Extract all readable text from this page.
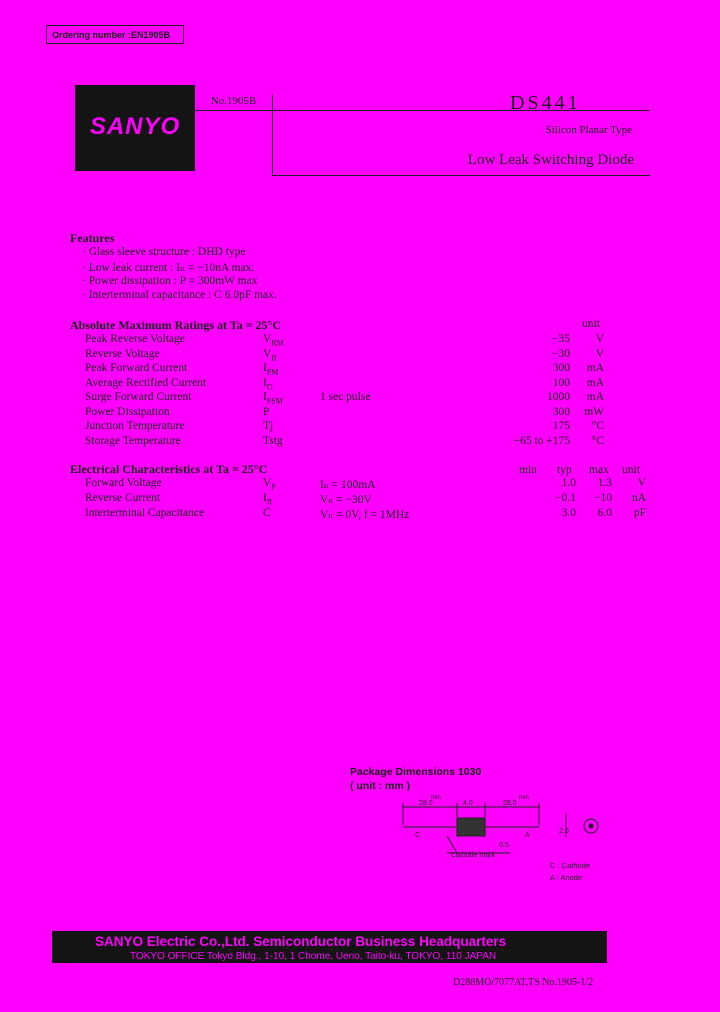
Ordering number :EN1905B
SANYO
No.1905B	DS441
Silicon Planar Type
Low Leak Switching Diode
Features
· Glass sleeve structure : DHD type
· Low leak current : Iₙ = −10nA max.
· Power dissipation : P = 300mW max
· Interterminal capacitance : C 6.0pF max.
Absolute Maximum Ratings at Ta = 25°C	unit
Peak Reverse Voltage	$V_{RM}$	−35	V
Reverse Voltage	$V_R$	−30	V
Peak Forward Current	$I_{FM}$	300	mA
Average Rectified Current	$I_O$	100	mA
Surge Forward Current	$I_{FSM}$	1 sec pulse	1000	mA
Power Dissipation	P	300	mW
Junction Temperature	Tj	175	°C
Storage Temperature	Tstg	−65 to +175	°C
Electrical Characteristics at Ta = 25°C	min typ max unit
Forward Voltage	$V_F$	Iₙ = 100mA	1.0	1.3	V
Reverse Current	$I_R$	Vₙ = −30V	−0.1	−10	nA
Interterminal Capacitance	C	Vₙ = 0V, f = 1MHz	3.0	6.0	pF
Package Dimensions 1030
( unit : mm )
28.0
min
4.0	28.0
min
C	A
0.5
2.0
Cathode mark
C : Cathode
A : Anode
SANYO Electric Co.,Ltd. Semiconductor Business Headquarters
TOKYO OFFICE Tokyo Bldg., 1-10, 1 Chome, Ueno, Taito-ku, TOKYO, 110 JAPAN
D288MO/7077AT,TS No.1905-1/2
